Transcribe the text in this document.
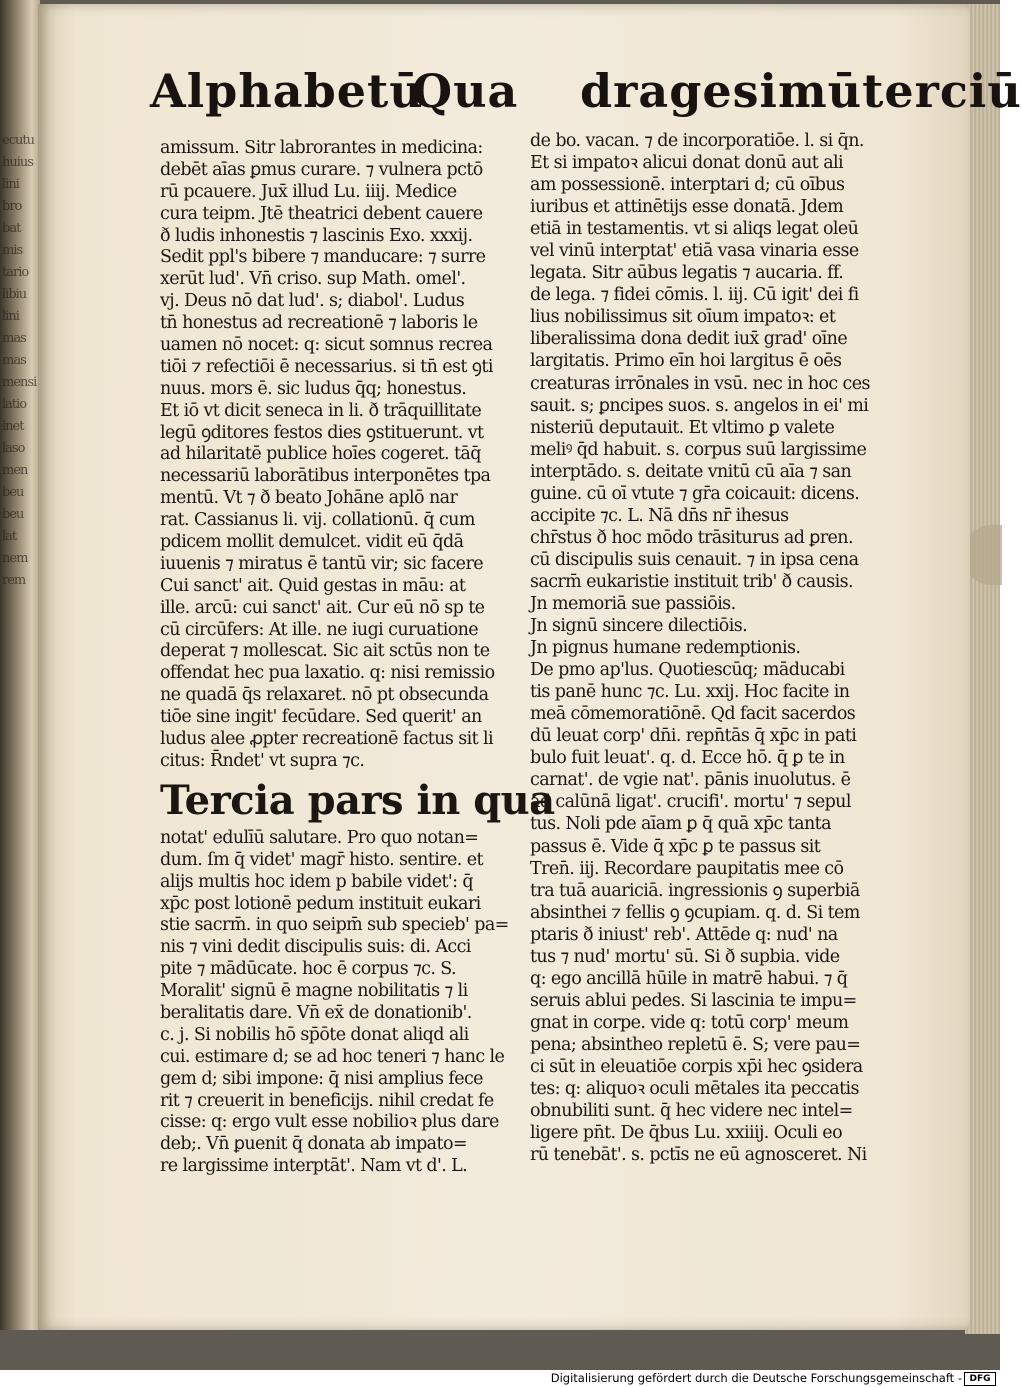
ecutu
huius
lini
bro
bat
mis
tario
libiu
lini
mas
mas
mensi
latio
inet
laso
men
beu
beu
lat
nem
rem
Alphabetū
Qua dragesimūterciū
amissum. Sitr labrorantes in medicina:
debēt aīas ꝑmus curare. ⁊ vulnera pctō
rū pcauere. Jux̄ illud Lu. iiij. Medice
cura teipm. Jtē theatrici debent cauere
ð ludis inhonestis ⁊ lascinis Exo. xxxij.
Sedit ppl's bibere ⁊ manducare: ⁊ surre
xerūt lud'. Vn̄ criso. sup Math. omel'.
vj. Deus nō dat lud'. s; diabol'. Ludus
tn̄ honestus ad recreationē ⁊ laboris le
uamen nō nocet: q: sicut somnus recrea
tiōi ⁊ refectiōi ē necessarius. si tn̄ est ꝯti
nuus. mors ē. sic ludus q̄q; honestus.
Et iō vt dicit seneca in li. ð trāquillitate
legū ꝯditores festos dies ꝯstituerunt. vt
ad hilaritatē publice hoīes cogeret. tāq̄
necessariū laborātibus interponētes tpa
mentū. Vt ⁊ ð beato Johāne aplō nar
rat. Cassianus li. vij. collationū. q̄ cum
pdicem mollit demulcet. vidit eū q̄dā
iuuenis ⁊ miratus ē tantū vir; sic facere
Cui sanct' ait. Quid gestas in māu: at
ille. arcū: cui sanct' ait. Cur eū nō sp te
cū circūfers: At ille. ne iugi curuatione
deperat ⁊ mollescat. Sic ait sctūs non te
offendat hec pua laxatio. q: nisi remissio
ne quadā q̄s relaxaret. nō pt obsecunda
tiōe sine ingit' fecūdare. Sed querit' an
ludus alee ꝓpter recreationē factus sit li
citus: R̄ndet' vt supra ⁊c.
Tercia pars in qua
notat' edulīū salutare. Pro quo notan=
dum. ſm q̄ videt' magr̄ histo. sentire. et
alijs multis hoc idem p babile videt': q̄
xp̄c post lotionē pedum instituit eukari
stie sacrm̄. in quo seipm̄ sub specieb' pa=
nis ⁊ vini dedit discipulis suis: di. Acci
pite ⁊ mādūcate. hoc ē corpus ⁊c. S.
Moralit' signū ē magne nobilitatis ⁊ li
beralitatis dare. Vn̄ ex̄ de donationib'.
c. j. Si nobilis hō sp̄ōte donat aliqd ali
cui. estimare d; se ad hoc teneri ⁊ hanc le
gem d; sibi impone: q̄ nisi amplius fece
rit ⁊ creuerit in beneficijs. nihil credat fe
cisse: q: ergo vult esse nobilioꝛ plus dare
deb;. Vn̄ ꝑuenit q̄ donata ab impato=
re largissime interptāt'. Nam vt d'. L.
de bo. vacan. ⁊ de incorporatiōe. l. si q̄n.
Et si impatoꝛ alicui donat donū aut ali
am possessionē. interptari d; cū oībus
iuribus et attinētijs esse donatā. Jdem
etiā in testamentis. vt si aliqs legat oleū
vel vinū interptat' etiā vasa vinaria esse
legata. Sitr aūbus legatis ⁊ aucaria. ff.
de lega. ⁊ fidei cōmis. l. iij. Cū igit' dei fi
lius nobilissimus sit oīum impatoꝛ: et
liberalissima dona dedit iux̄ grad' oīne
largitatis. Primo eīn hoi largitus ē oēs
creaturas irrōnales in vsū. nec in hoc ces
sauit. s; ꝑncipes suos. s. angelos in ei' mi
nisteriū deputauit. Et vltimo ꝑ valete
meliꝰ q̄d habuit. s. corpus suū largissime
interptādo. s. deitate vnitū cū aīa ⁊ san
guine. cū oī vtute ⁊ gr̄a coicauit: dicens.
accipite ⁊c. L. Nā dn̄s nr̄ ihesus
chr̄stus ð hoc mōdo trāsiturus ad ꝑren.
cū discipulis suis cenauit. ⁊ in ipsa cena
sacrm̄ eukaristie instituit trib' ð causis.
Jn memoriā sue passiōis.
Jn signū sincere dilectiōis.
Jn pignus humane redemptionis.
De pmo ap'lus. Quotiescūq; māducabi
tis panē hunc ⁊c. Lu. xxij. Hoc facite in
meā cōmemoratiōnē. Qd facit sacerdos
dū leuat corp' dn̄i. repn̄tās q̄ xp̄c in pati
bulo fuit leuat'. q. d. Ecce hō. q̄ ꝑ te in
carnat'. de vgie nat'. pānis inuolutus. ē
ad calūnā ligat'. crucifi'. mortu' ⁊ sepul
tus. Noli pde aīam ꝑ q̄ quā xp̄c tanta
passus ē. Vide q̄ xp̄c ꝑ te passus sit
Tren̄. iij. Recordare paupitatis mee cō
tra tuā auariciā. ingressionis ꝯ superbiā
absinthei ⁊ fellis ꝯ ꝯcupiam. q. d. Si tem
ptaris ð iniust' reb'. Attēde q: nud' na
tus ⁊ nud' mortu' sū. Si ð supbia. vide
q: ego ancillā hūile in matrē habui. ⁊ q̄
seruis ablui pedes. Si lascinia te impu=
gnat in corpe. vide q: totū corp' meum
pena; absintheo repletū ē. S; vere pau=
ci sūt in eleuatiōe corpis xp̄i hec ꝯsidera
tes: q: aliquoꝛ oculi mētales ita peccatis
obnubiliti sunt. q̄ hec videre nec intel=
ligere pn̄t. De q̄bus Lu. xxiiij. Oculi eo
rū tenebāt'. s. pctīs ne eū agnosceret. Ni
Digitalisierung gefördert durch die Deutsche Forschungsgemeinschaft - DFG
